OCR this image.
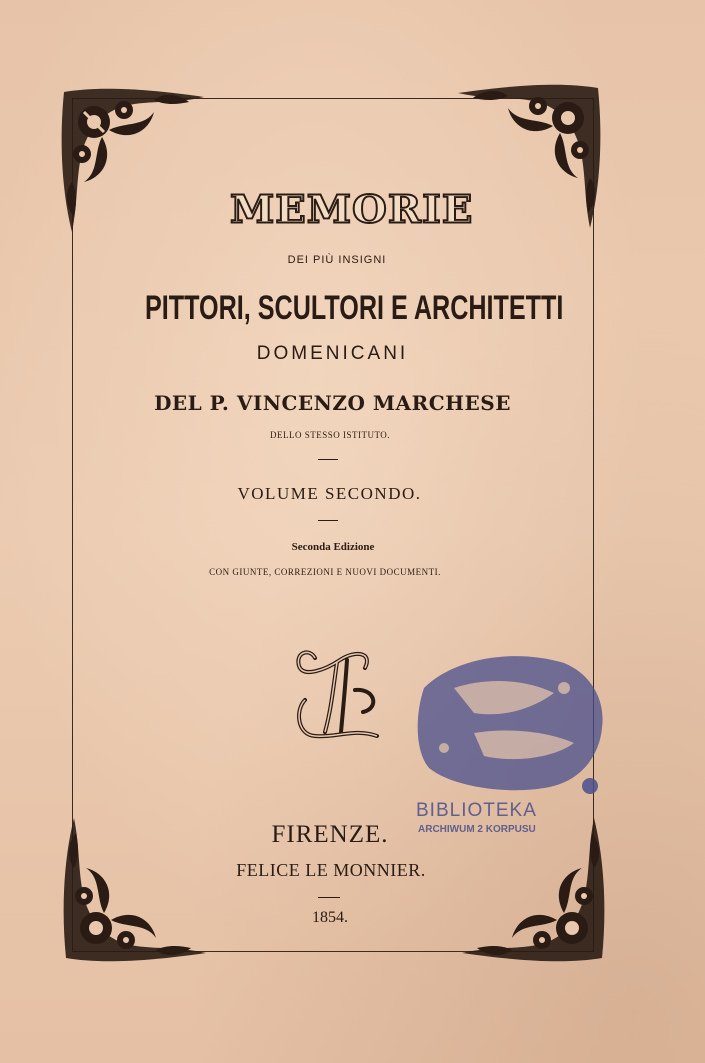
MEMORIE
DEI PIÙ INSIGNI
PITTORI, SCULTORI E ARCHITETTI
DOMENICANI
DEL P. VINCENZO MARCHESE
DELLO STESSO ISTITUTO.
VOLUME SECONDO.
Seconda Edizione
CON GIUNTE, CORREZIONI E NUOVI DOCUMENTI.
BIBLIOTEKA
ARCHIWUM 2 KORPUSU
FIRENZE.
FELICE LE MONNIER.
1854.
